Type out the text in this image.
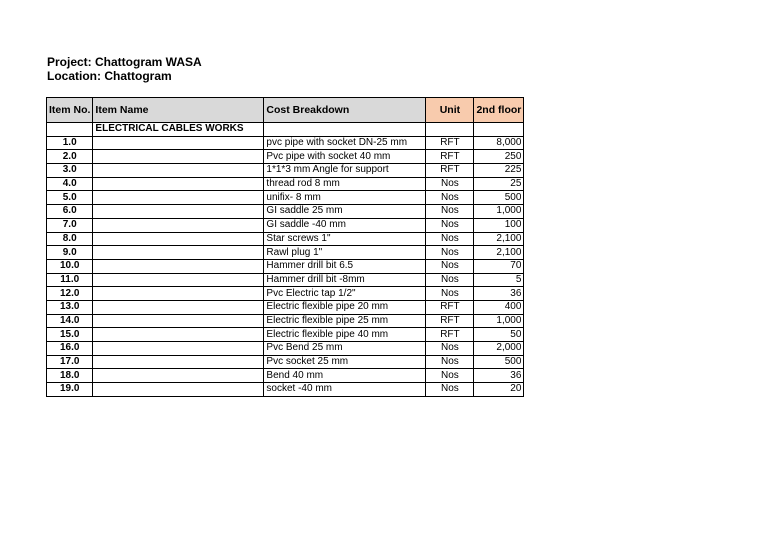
Project: Chattogram WASA
Location: Chattogram
Item No.	Item Name	Cost Breakdown	Unit	2nd floor
	ELECTRICAL CABLES WORKS			
1.0		pvc pipe with socket DN-25 mm	RFT	8,000
2.0		Pvc pipe with socket 40 mm	RFT	250
3.0		1*1*3 mm Angle for support	RFT	225
4.0		thread rod 8 mm	Nos	25
5.0		unifix- 8 mm	Nos	500
6.0		GI saddle 25 mm	Nos	1,000
7.0		GI saddle -40 mm	Nos	100
8.0		Star screws 1"	Nos	2,100
9.0		Rawl plug 1"	Nos	2,100
10.0		Hammer drill bit 6.5	Nos	70
11.0		Hammer drill bit -8mm	Nos	5
12.0		Pvc Electric tap 1/2"	Nos	36
13.0		Electric flexible pipe 20 mm	RFT	400
14.0		Electric flexible pipe 25 mm	RFT	1,000
15.0		Electric flexible pipe 40 mm	RFT	50
16.0		Pvc Bend 25 mm	Nos	2,000
17.0		Pvc socket 25 mm	Nos	500
18.0		Bend 40 mm	Nos	36
19.0		socket -40 mm	Nos	20
